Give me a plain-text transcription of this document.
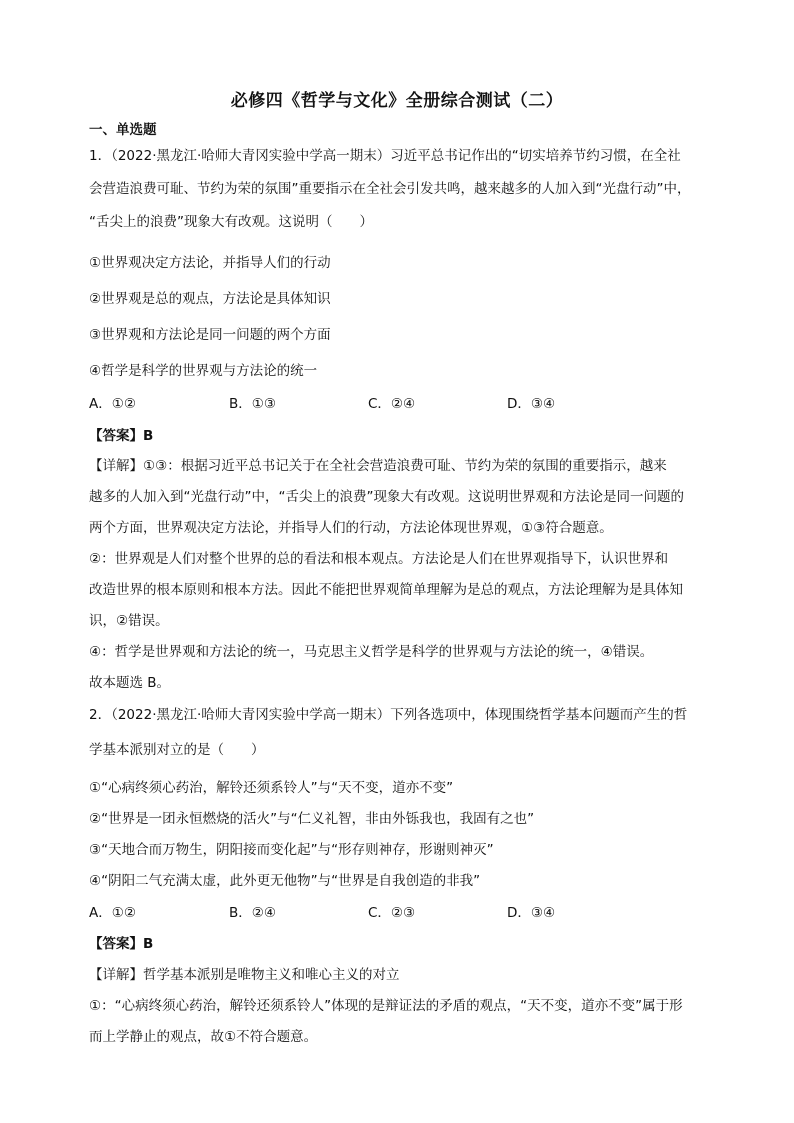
必修四《哲学与文化》全册综合测试（二）
一、单选题
1．（2022·黑龙江·哈师大青冈实验中学高一期末）习近平总书记作出的“切实培养节约习惯，在全社
会营造浪费可耻、节约为荣的氛围”重要指示在全社会引发共鸣，越来越多的人加入到“光盘行动”中，
“舌尖上的浪费”现象大有改观。这说明（　　）
①世界观决定方法论，并指导人们的行动
②世界观是总的观点，方法论是具体知识
③世界观和方法论是同一问题的两个方面
④哲学是科学的世界观与方法论的统一
A．①②	B．①③	C．②④	D．③④
【答案】B
【详解】①③：根据习近平总书记关于在全社会营造浪费可耻、节约为荣的氛围的重要指示，越来
越多的人加入到“光盘行动”中，“舌尖上的浪费”现象大有改观。这说明世界观和方法论是同一问题的
两个方面，世界观决定方法论，并指导人们的行动，方法论体现世界观，①③符合题意。
②：世界观是人们对整个世界的总的看法和根本观点。方法论是人们在世界观指导下，认识世界和
改造世界的根本原则和根本方法。因此不能把世界观简单理解为是总的观点，方法论理解为是具体知
识，②错误。
④：哲学是世界观和方法论的统一，马克思主义哲学是科学的世界观与方法论的统一，④错误。
故本题选 B。
2．（2022·黑龙江·哈师大青冈实验中学高一期末）下列各选项中，体现围绕哲学基本问题而产生的哲
学基本派别对立的是（　　）
①“心病终须心药治，解铃还须系铃人”与“天不变，道亦不变”
②“世界是一团永恒燃烧的活火”与“仁义礼智，非由外铄我也，我固有之也”
③“天地合而万物生，阴阳接而变化起”与“形存则神存，形谢则神灭”
④“阴阳二气充满太虚，此外更无他物”与“世界是自我创造的非我”
A．①②	B．②④	C．②③	D．③④
【答案】B
【详解】哲学基本派别是唯物主义和唯心主义的对立
①：“心病终须心药治，解铃还须系铃人”体现的是辩证法的矛盾的观点，“天不变，道亦不变”属于形
而上学静止的观点，故①不符合题意。
